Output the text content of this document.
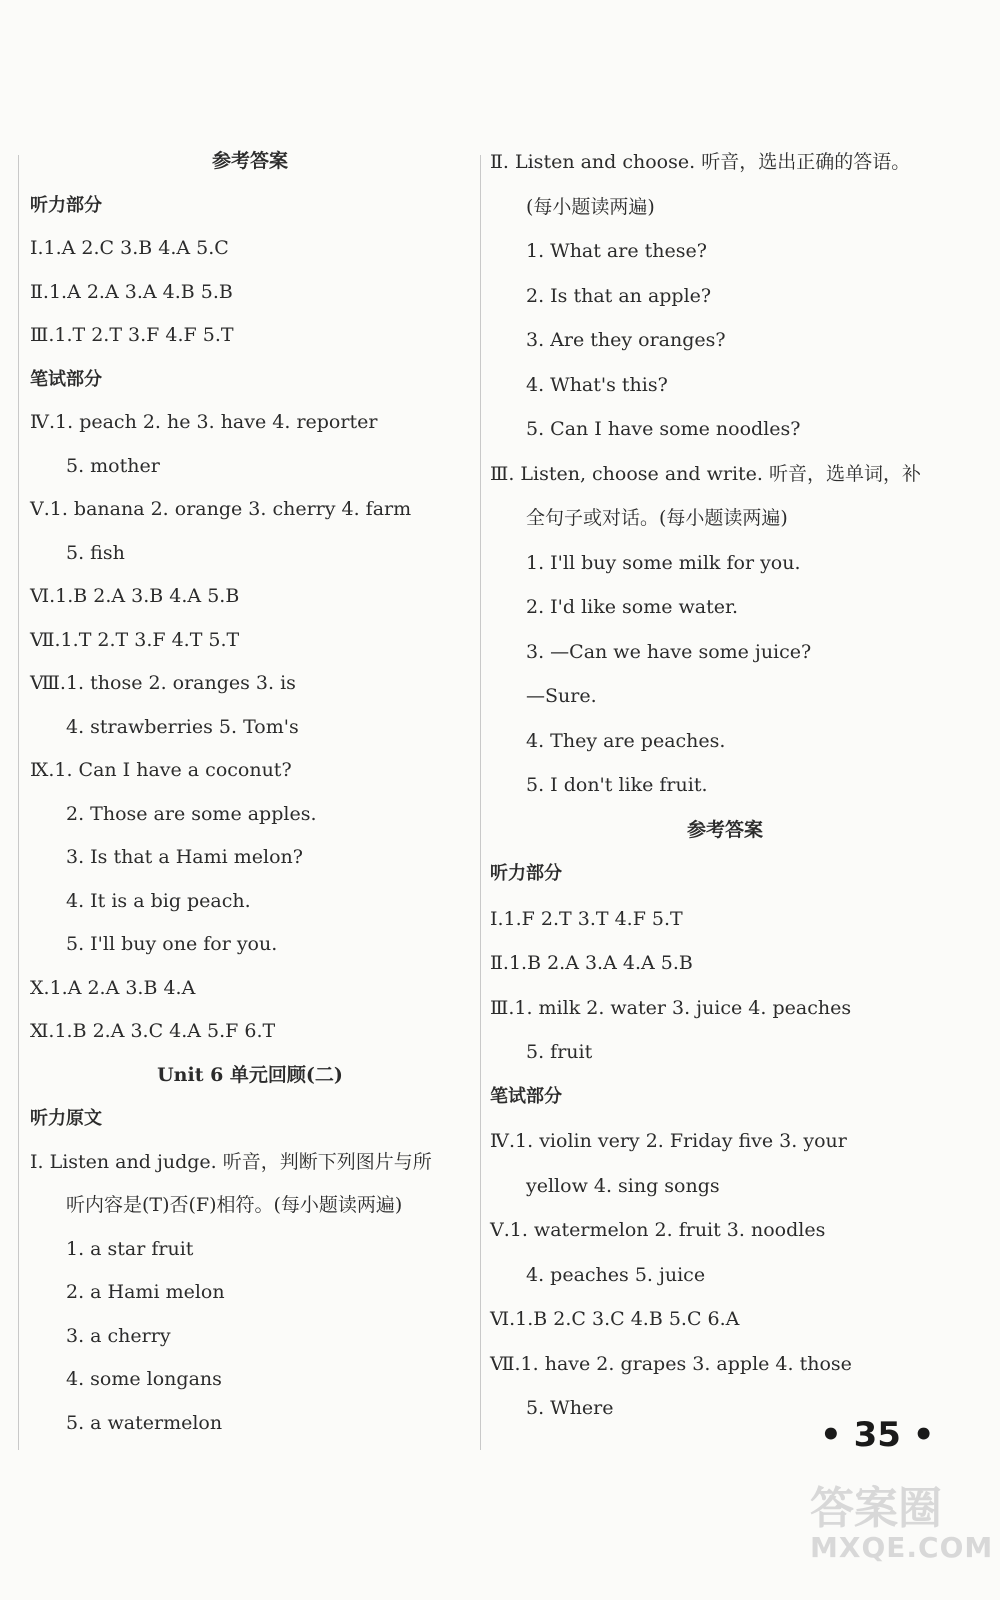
参考答案
听力部分
Ⅰ.1.A 2.C 3.B 4.A 5.C
Ⅱ.1.A 2.A 3.A 4.B 5.B
Ⅲ.1.T 2.T 3.F 4.F 5.T
笔试部分
Ⅳ.1. peach 2. he 3. have 4. reporter
5. mother
Ⅴ.1. banana 2. orange 3. cherry 4. farm
5. fish
Ⅵ.1.B 2.A 3.B 4.A 5.B
Ⅶ.1.T 2.T 3.F 4.T 5.T
Ⅷ.1. those 2. oranges 3. is
4. strawberries 5. Tom's
Ⅸ.1. Can I have a coconut?
2. Those are some apples.
3. Is that a Hami melon?
4. It is a big peach.
5. I'll buy one for you.
Ⅹ.1.A 2.A 3.B 4.A
Ⅺ.1.B 2.A 3.C 4.A 5.F 6.T
Unit 6 单元回顾(二)
听力原文
Ⅰ. Listen and judge. 听音，判断下列图片与所
听内容是(T)否(F)相符。(每小题读两遍)
1. a star fruit
2. a Hami melon
3. a cherry
4. some longans
5. a watermelon
Ⅱ. Listen and choose. 听音，选出正确的答语。
(每小题读两遍)
1. What are these?
2. Is that an apple?
3. Are they oranges?
4. What's this?
5. Can I have some noodles?
Ⅲ. Listen, choose and write. 听音，选单词，补
全句子或对话。(每小题读两遍)
1. I'll buy some milk for you.
2. I'd like some water.
3. —Can we have some juice?
—Sure.
4. They are peaches.
5. I don't like fruit.
参考答案
听力部分
Ⅰ.1.F 2.T 3.T 4.F 5.T
Ⅱ.1.B 2.A 3.A 4.A 5.B
Ⅲ.1. milk 2. water 3. juice 4. peaches
5. fruit
笔试部分
Ⅳ.1. violin very 2. Friday five 3. your
yellow 4. sing songs
Ⅴ.1. watermelon 2. fruit 3. noodles
4. peaches 5. juice
Ⅵ.1.B 2.C 3.C 4.B 5.C 6.A
Ⅶ.1. have 2. grapes 3. apple 4. those
5. Where
• 35 •
答案圈
MXQE.COM
